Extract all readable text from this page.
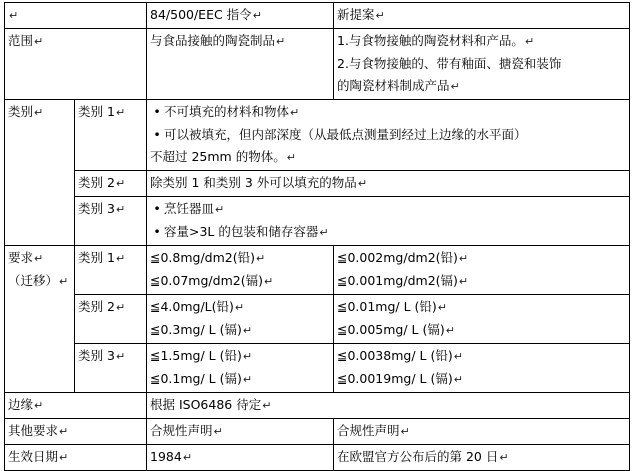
↵		84/500/EEC 指令↵	新提案↵
范围↵		与食品接触的陶瓷制品↵	1.与食物接触的陶瓷材料和产品。↵
2.与食物接触的、带有釉面、搪瓷和装饰
的陶瓷材料制成产品↵

类别↵	类别 1↵	• 不可填充的材料和物体↵
• 可以被填充，但内部深度（从最低点测量到经过上边缘的水平面）
不超过 25mm 的物体。↵	

	类别 2↵	除类别 1 和类别 3 外可以填充的物品↵	
	类别 3↵	• 烹饪器皿↵
• 容量>3L 的包装和储存容器↵	

要求↵
（迁移）↵	类别 1↵	≦0.8mg/dm2(铅)↵
≦0.07mg/dm2(镉)↵	≦0.002mg/dm2(铅)↵
≦0.001mg/dm2(镉)↵

	类别 2↵	≦4.0mg/L(铅)↵
≦0.3mg/ L (镉)↵	≦0.01mg/ L (铅)↵
≦0.005mg/ L (镉)↵

	类别 3↵	≦1.5mg/ L (铅)↵
≦0.1mg/ L (镉)↵	≦0.0038mg/ L (铅)↵
≦0.0019mg/ L (镉)↵

边缘↵		根据 ISO6486 待定↵	
其他要求↵		合规性声明↵	合规性声明↵
生效日期↵		1984↵	在欧盟官方公布后的第 20 日↵
